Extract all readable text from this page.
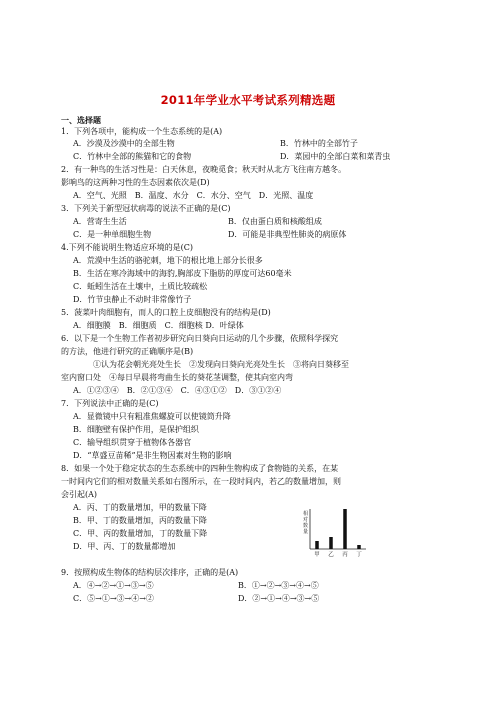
2011年学业水平考试系列精选题
一、选择题
1．下列各项中，能构成一个生态系统的是(A)
A．沙漠及沙漠中的全部生物	B．竹林中的全部竹子
C．竹林中全部的熊猫和它的食物	D．菜园中的全部白菜和菜青虫
2．有一种鸟的生活习性是：白天休息，夜晚觅食；秋天时从北方飞往南方越冬。
影响鸟的这两种习性的生态因素依次是(D)
A．空气、光照　B．温度、水分　C．水分、空气　D．光照、温度
3．下列关于新型冠状病毒的说法不正确的是(C)
A．营寄生生活	B．仅由蛋白质和核酸组成
C．是一种单细胞生物	D．可能是非典型性肺炎的病原体
4.下列不能说明生物适应环境的是(C)
A．荒漠中生活的骆驼刺，地下的根比地上部分长很多
B．生活在寒冷海域中的海豹,胸部皮下脂肪的厚度可达60毫米
C．蚯蚓生活在土壤中，土质比较疏松
D．竹节虫静止不动时非常像竹子
5．菠菜叶肉细胞有，而人的口腔上皮细胞没有的结构是(D)
A．细胞膜　B．细胞质　C．细胞核 D．叶绿体
6．以下是一个生物工作者初步研究向日葵向日运动的几个步骤，依照科学探究
的方法，他进行研究的正确顺序是(B)
①认为花会朝光亮处生长　②发现向日葵向光亮处生长　③将向日葵移至
室内窗口处　④每日早晨将弯曲生长的葵花茎调整，使其向室内弯
A．①②③④　B．②①③④　C．④③①②　D．③①②④
7．下列说法中正确的是(C)
A．显微镜中只有粗准焦螺旋可以使镜筒升降
B．细胞壁有保护作用，是保护组织
C．输导组织贯穿于植物体各器官
D．“草盛豆苗稀”是非生物因素对生物的影响
8．如果一个处于稳定状态的生态系统中的四种生物构成了食物链的关系，在某
一时间内它们的相对数量关系如右图所示，在一段时间内，若乙的数量增加，则
会引起(A)
A．丙、丁的数量增加，甲的数量下降
B．甲、丁的数量增加，丙的数量下降
C．甲、丙的数量增加，丁的数量下降
D．甲、丙、丁的数量都增加
相对数量
甲 乙 丙 丁
9．按照构成生物体的结构层次排序，正确的是(A)
A．④→②→①→③→⑤	B．①→②→③→④→⑤
C．⑤→①→③→④→②	D．②→①→④→③→⑤
